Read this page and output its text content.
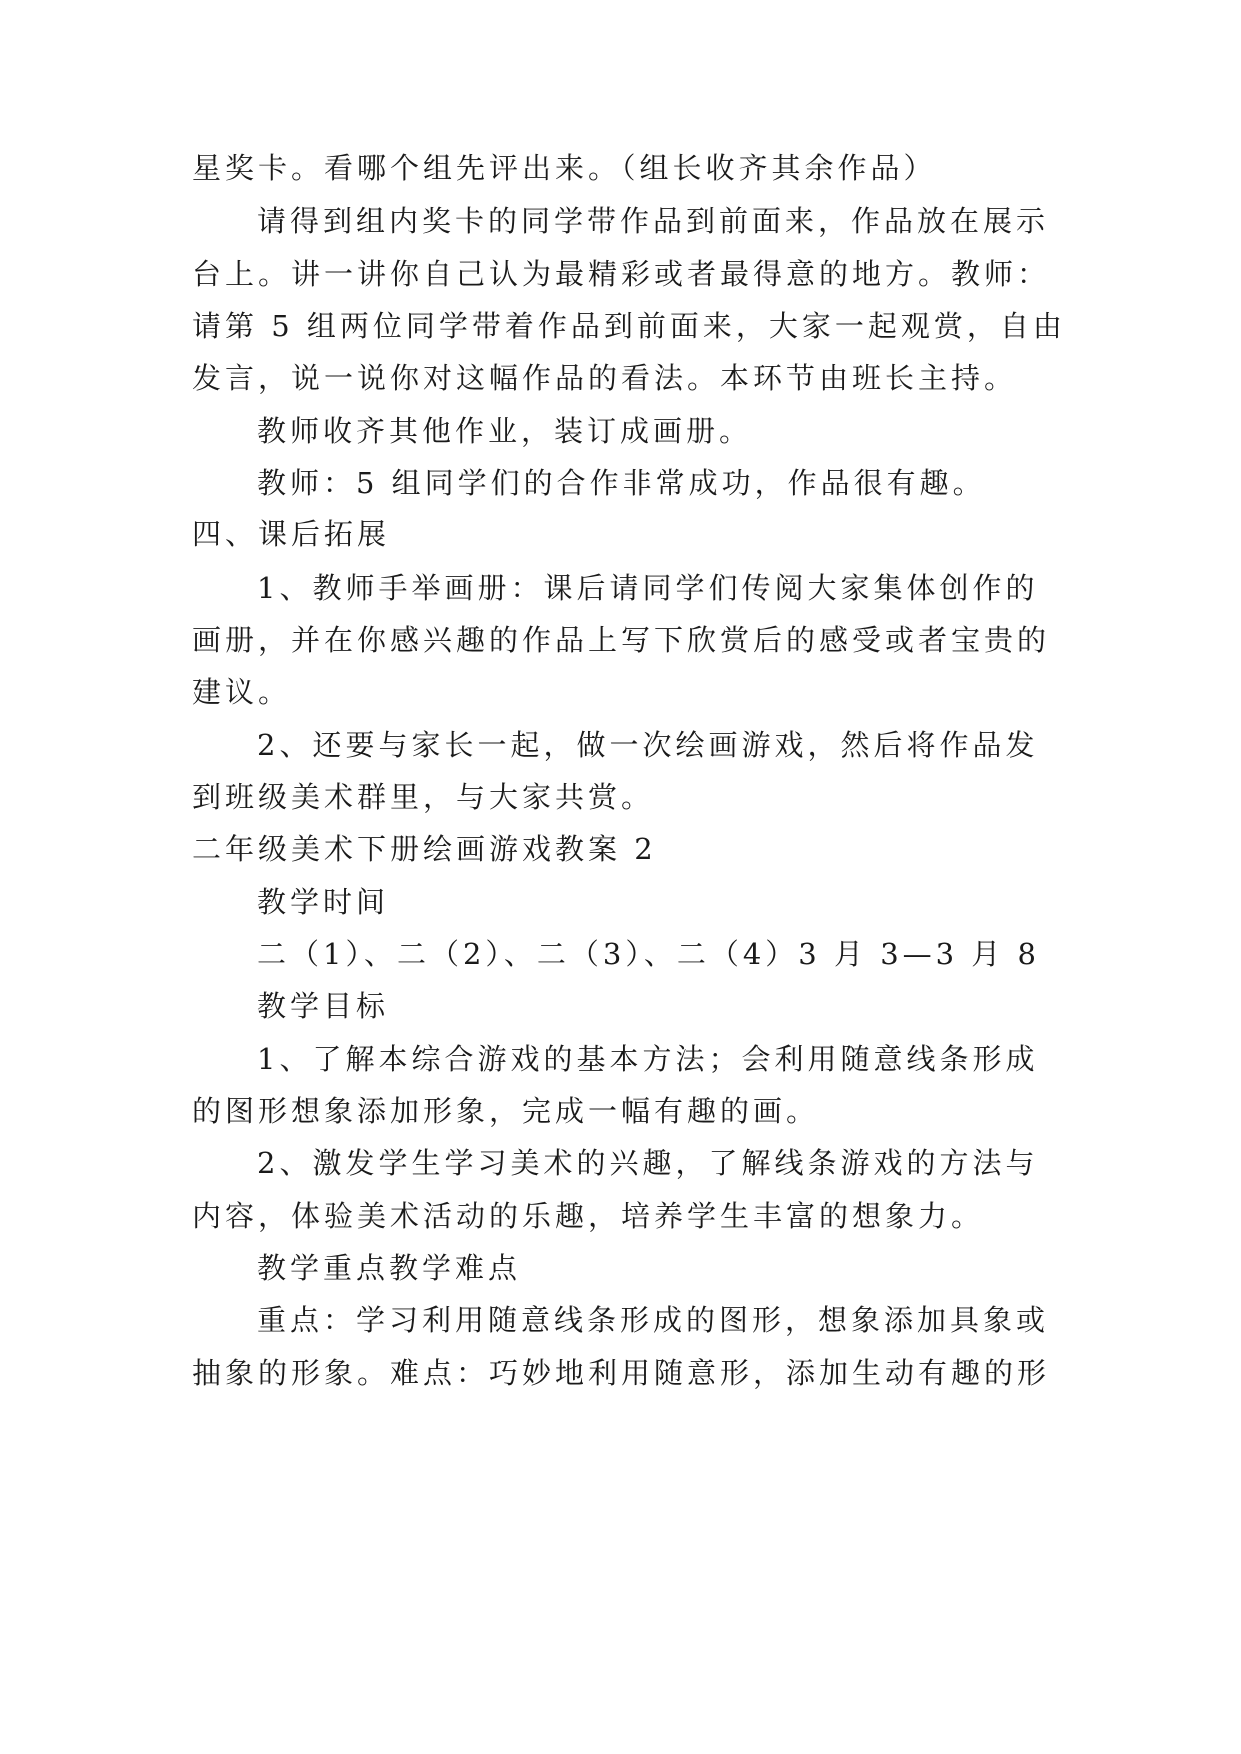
星奖卡。看哪个组先评出来。（组长收齐其余作品）
请得到组内奖卡的同学带作品到前面来，作品放在展示
台上。讲一讲你自己认为最精彩或者最得意的地方。教师：
请第 5 组两位同学带着作品到前面来，大家一起观赏，自由
发言，说一说你对这幅作品的看法。本环节由班长主持。
教师收齐其他作业，装订成画册。
教师：5 组同学们的合作非常成功，作品很有趣。
四、课后拓展
1、教师手举画册：课后请同学们传阅大家集体创作的
画册，并在你感兴趣的作品上写下欣赏后的感受或者宝贵的
建议。
2、还要与家长一起，做一次绘画游戏，然后将作品发
到班级美术群里，与大家共赏。
二年级美术下册绘画游戏教案 2
教学时间
二（1）、二（2）、二（3）、二（4）3 月 3—3 月 8
教学目标
1、了解本综合游戏的基本方法；会利用随意线条形成
的图形想象添加形象，完成一幅有趣的画。
2、激发学生学习美术的兴趣，了解线条游戏的方法与
内容，体验美术活动的乐趣，培养学生丰富的想象力。
教学重点教学难点
重点：学习利用随意线条形成的图形，想象添加具象或
抽象的形象。难点：巧妙地利用随意形，添加生动有趣的形
